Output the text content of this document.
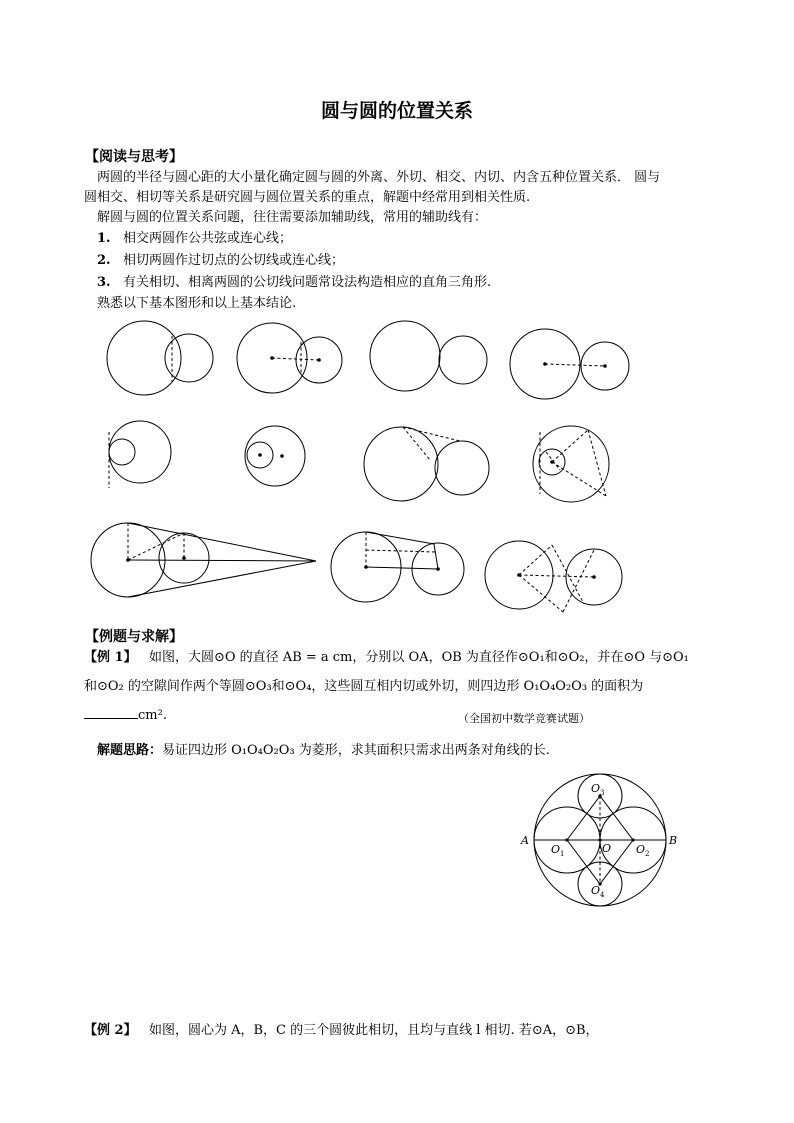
圆与圆的位置关系
【阅读与思考】
两圆的半径与圆心距的大小量化确定圆与圆的外离、外切、相交、内切、内含五种位置关系． 圆与
圆相交、相切等关系是研究圆与圆位置关系的重点，解题中经常用到相关性质.
解圆与圆的位置关系问题，往往需要添加辅助线，常用的辅助线有：
1. 相交两圆作公共弦或连心线；
2. 相切两圆作过切点的公切线或连心线；
3. 有关相切、相离两圆的公切线问题常设法构造相应的直角三角形.
熟悉以下基本图形和以上基本结论.
【例题与求解】
【例 1】 如图，大圆⊙O 的直径 AB = a cm，分别以 OA，OB 为直径作⊙O₁和⊙O₂，并在⊙O 与⊙O₁
和⊙O₂ 的空隙间作两个等圆⊙O₃和⊙O₄，这些圆互相内切或外切，则四边形 O₁O₄O₂O₃ 的面积为
cm².	（全国初中数学竞赛试题）
解题思路：易证四边形 O₁O₄O₂O₃ 为菱形，求其面积只需求出两条对角线的长.
A	B
O
O 1	O 2
O 3
O 4
【例 2】 如图，圆心为 A，B，C 的三个圆彼此相切，且均与直线 l 相切. 若⊙A，⊙B，
